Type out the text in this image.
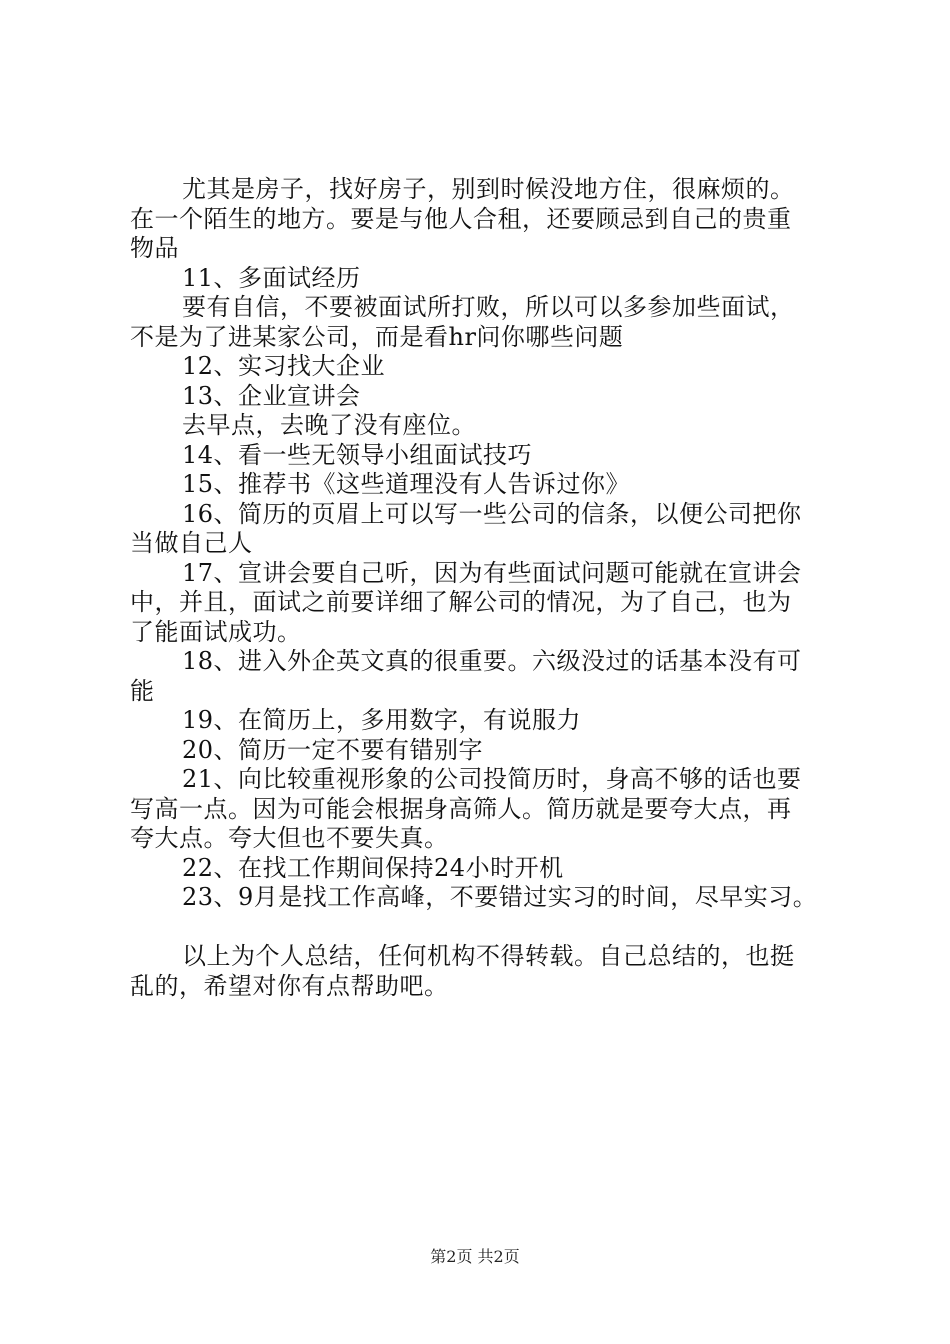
尤其是房子，找好房子，别到时候没地方住，很麻烦的。
在一个陌生的地方。要是与他人合租，还要顾忌到自己的贵重
物品
11、多面试经历
要有自信，不要被面试所打败，所以可以多参加些面试，
不是为了进某家公司，而是看hr问你哪些问题
12、实习找大企业
13、企业宣讲会
去早点，去晚了没有座位。
14、看一些无领导小组面试技巧
15、推荐书《这些道理没有人告诉过你》
16、简历的页眉上可以写一些公司的信条，以便公司把你
当做自己人
17、宣讲会要自己听，因为有些面试问题可能就在宣讲会
中，并且，面试之前要详细了解公司的情况，为了自己，也为
了能面试成功。
18、进入外企英文真的很重要。六级没过的话基本没有可
能
19、在简历上，多用数字，有说服力
20、简历一定不要有错别字
21、向比较重视形象的公司投简历时，身高不够的话也要
写高一点。因为可能会根据身高筛人。简历就是要夸大点，再
夸大点。夸大但也不要失真。
22、在找工作期间保持24小时开机
23、9月是找工作高峰，不要错过实习的时间，尽早实习。
以上为个人总结，任何机构不得转载。自己总结的，也挺
乱的，希望对你有点帮助吧。
第2页 共2页
